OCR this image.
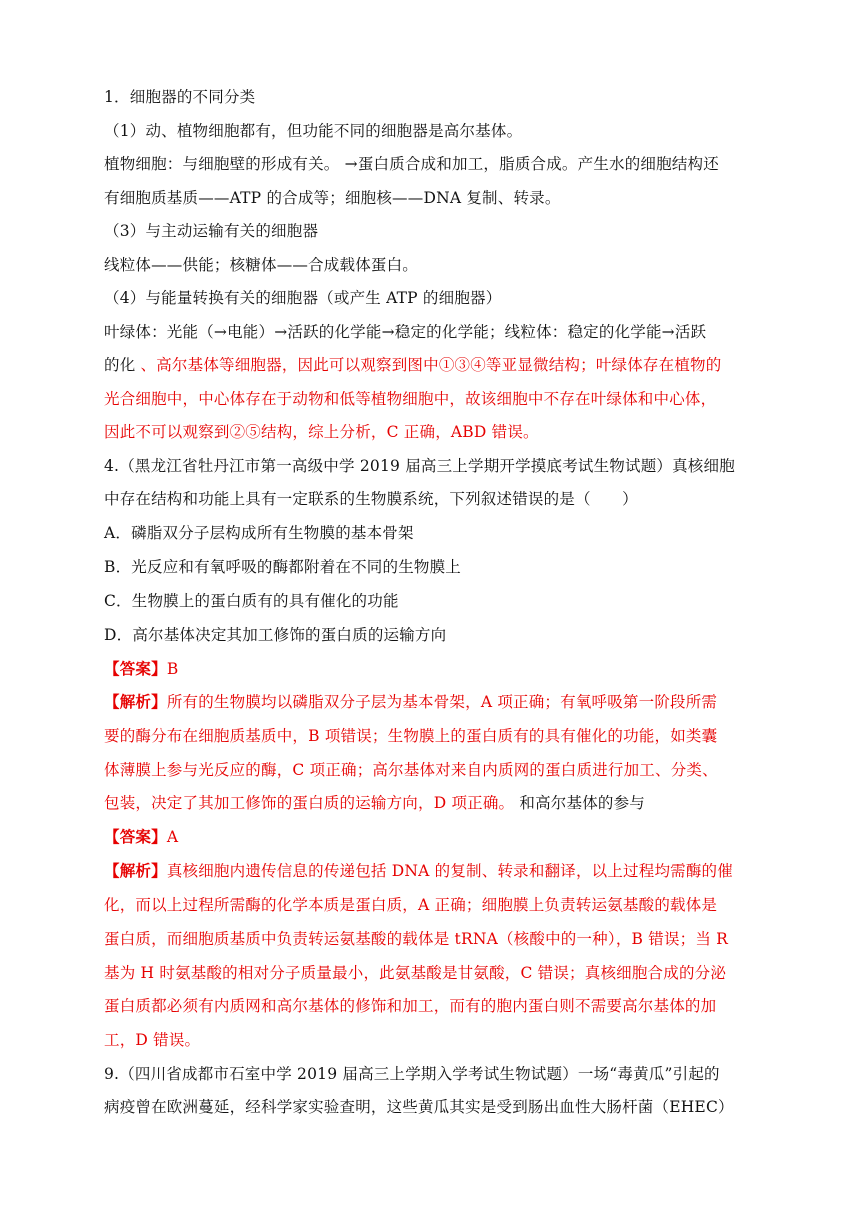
1．细胞器的不同分类
（1）动、植物细胞都有，但功能不同的细胞器是高尔基体。
植物细胞：与细胞壁的形成有关。 →蛋白质合成和加工，脂质合成。产生水的细胞结构还
有细胞质基质——ATP 的合成等；细胞核——DNA 复制、转录。
（3）与主动运输有关的细胞器
线粒体——供能；核糖体——合成载体蛋白。
（4）与能量转换有关的细胞器（或产生 ATP 的细胞器）
叶绿体：光能（→电能）→活跃的化学能→稳定的化学能；线粒体：稳定的化学能→活跃
的化 、高尔基体等细胞器，因此可以观察到图中①③④等亚显微结构；叶绿体存在植物的
光合细胞中，中心体存在于动物和低等植物细胞中，故该细胞中不存在叶绿体和中心体，
因此不可以观察到②⑤结构，综上分析，C 正确，ABD 错误。
4.（黑龙江省牡丹江市第一高级中学 2019 届高三上学期开学摸底考试生物试题）真核细胞
中存在结构和功能上具有一定联系的生物膜系统，下列叙述错误的是（　　）
A．磷脂双分子层构成所有生物膜的基本骨架
B．光反应和有氧呼吸的酶都附着在不同的生物膜上
C．生物膜上的蛋白质有的具有催化的功能
D．高尔基体决定其加工修饰的蛋白质的运输方向
【答案】B
【解析】所有的生物膜均以磷脂双分子层为基本骨架，A 项正确；有氧呼吸第一阶段所需
要的酶分布在细胞质基质中，B 项错误；生物膜上的蛋白质有的具有催化的功能，如类囊
体薄膜上参与光反应的酶，C 项正确；高尔基体对来自内质网的蛋白质进行加工、分类、
包装，决定了其加工修饰的蛋白质的运输方向，D 项正确。 和高尔基体的参与
【答案】A
【解析】真核细胞内遗传信息的传递包括 DNA 的复制、转录和翻译，以上过程均需酶的催
化，而以上过程所需酶的化学本质是蛋白质，A 正确；细胞膜上负责转运氨基酸的载体是
蛋白质，而细胞质基质中负责转运氨基酸的载体是 tRNA（核酸中的一种），B 错误；当 R
基为 H 时氨基酸的相对分子质量最小，此氨基酸是甘氨酸，C 错误；真核细胞合成的分泌
蛋白质都必须有内质网和高尔基体的修饰和加工，而有的胞内蛋白则不需要高尔基体的加
工，D 错误。
9.（四川省成都市石室中学 2019 届高三上学期入学考试生物试题）一场“毒黄瓜”引起的
病疫曾在欧洲蔓延，经科学家实验查明，这些黄瓜其实是受到肠出血性大肠杆菌（EHEC）
